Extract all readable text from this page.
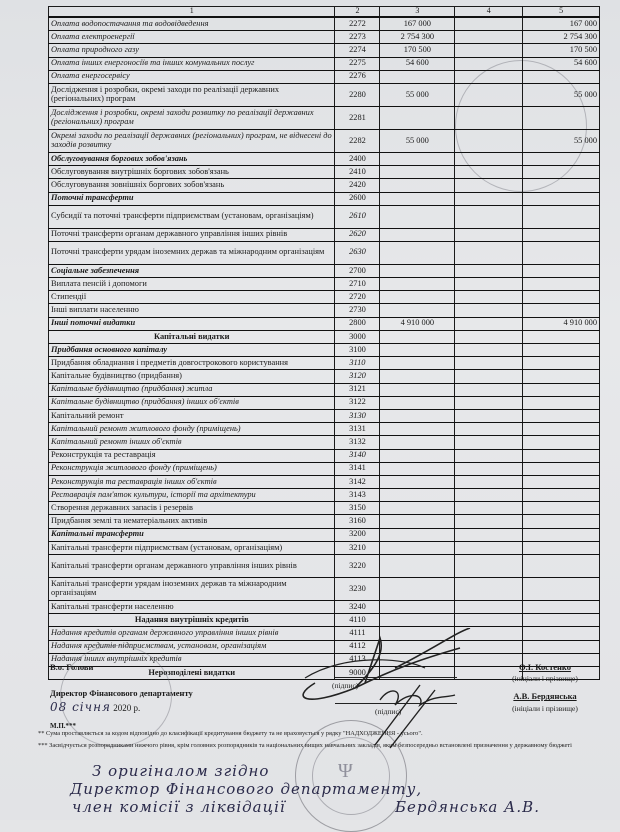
1	2	3	4	5
Оплата водопостачання та водовідведення	2272	167 000		167 000
Оплата електроенергії	2273	2 754 300		2 754 300
Оплата природного газу	2274	170 500		170 500
Оплата інших енергоносіїв та інших комунальних послуг	2275	54 600		54 600
Оплата енергосервісу	2276			
Дослідження і розробки, окремі заходи по реалізації державних (регіональних) програм	2280	55 000		55 000
Дослідження і розробки, окремі заходи розвитку по реалізації державних (регіональних) програм	2281			
Окремі заходи по реалізації державних (регіональних) програм, не віднесені до заходів розвитку	2282	55 000		55 000
Обслуговування боргових зобов'язань	2400			
Обслуговування внутрішніх боргових зобов'язань	2410			
Обслуговування зовнішніх боргових зобов'язань	2420			
Поточні трансферти	2600			
Субсидії та поточні трансферти підприємствам (установам, організаціям)	2610			
Поточні трансферти органам державного управління інших рівнів	2620			
Поточні трансферти урядам іноземних держав та міжнародним організаціям	2630			
Соціальне забезпечення	2700			
Виплата пенсій і допомоги	2710			
Стипендії	2720			
Інші виплати населенню	2730			
Інші поточні видатки	2800	4 910 000		4 910 000
Капітальні видатки	3000			
Придбання основного капіталу	3100			
Придбання обладнання і предметів довгострокового користування	3110			
Капітальне будівництво (придбання)	3120			
Капітальне будівництво (придбання) житла	3121			
Капітальне будівництво (придбання) інших об'єктів	3122			
Капітальний ремонт	3130			
Капітальний ремонт житлового фонду (приміщень)	3131			
Капітальний ремонт інших об'єктів	3132			
Реконструкція та реставрація	3140			
Реконструкція житлового фонду (приміщень)	3141			
Реконструкція та реставрація інших об'єктів	3142			
Реставрація пам'яток культури, історії та архітектури	3143			
Створення державних запасів і резервів	3150			
Придбання землі та нематеріальних активів	3160			
Капітальні трансферти	3200			
Капітальні трансферти підприємствам (установам, організаціям)	3210			
Капітальні трансферти органам державного управління інших рівнів	3220			
Капітальні трансферти урядам іноземних держав та міжнародним організаціям	3230			
Капітальні трансферти населенню	3240			
Надання внутрішніх кредитів	4110			
Надання кредитів органам державного управління інших рівнів	4111			
Надання кредитів підприємствам, установам, організаціям	4112			
Надання інших внутрішніх кредитів	4113			
Нерозподілені видатки	9000			
В.о. Голови
(підпис)
О.І. Костенко
(ініціали і прізвище)
Директор Фінансового департаменту
08 січня 2020 р.	(підпис)
А.В. Бердянська
(ініціали і прізвище)
М.П.***
Ψ
** Сума проставляється за кодом відповідно до класифікації кредитування бюджету та не враховується у рядку "НАДХОДЖЕННЯ - усього".
*** Засвідчується розпорядниками нижчого рівня, крім головних розпорядників та національних вищих навчальних закладів, яким безпосередньо встановлені призначення у державному бюджеті
З оригіналом згідно
Директор Фінансового департаменту,
член комісії з ліквідації	Бердянська А.В.
